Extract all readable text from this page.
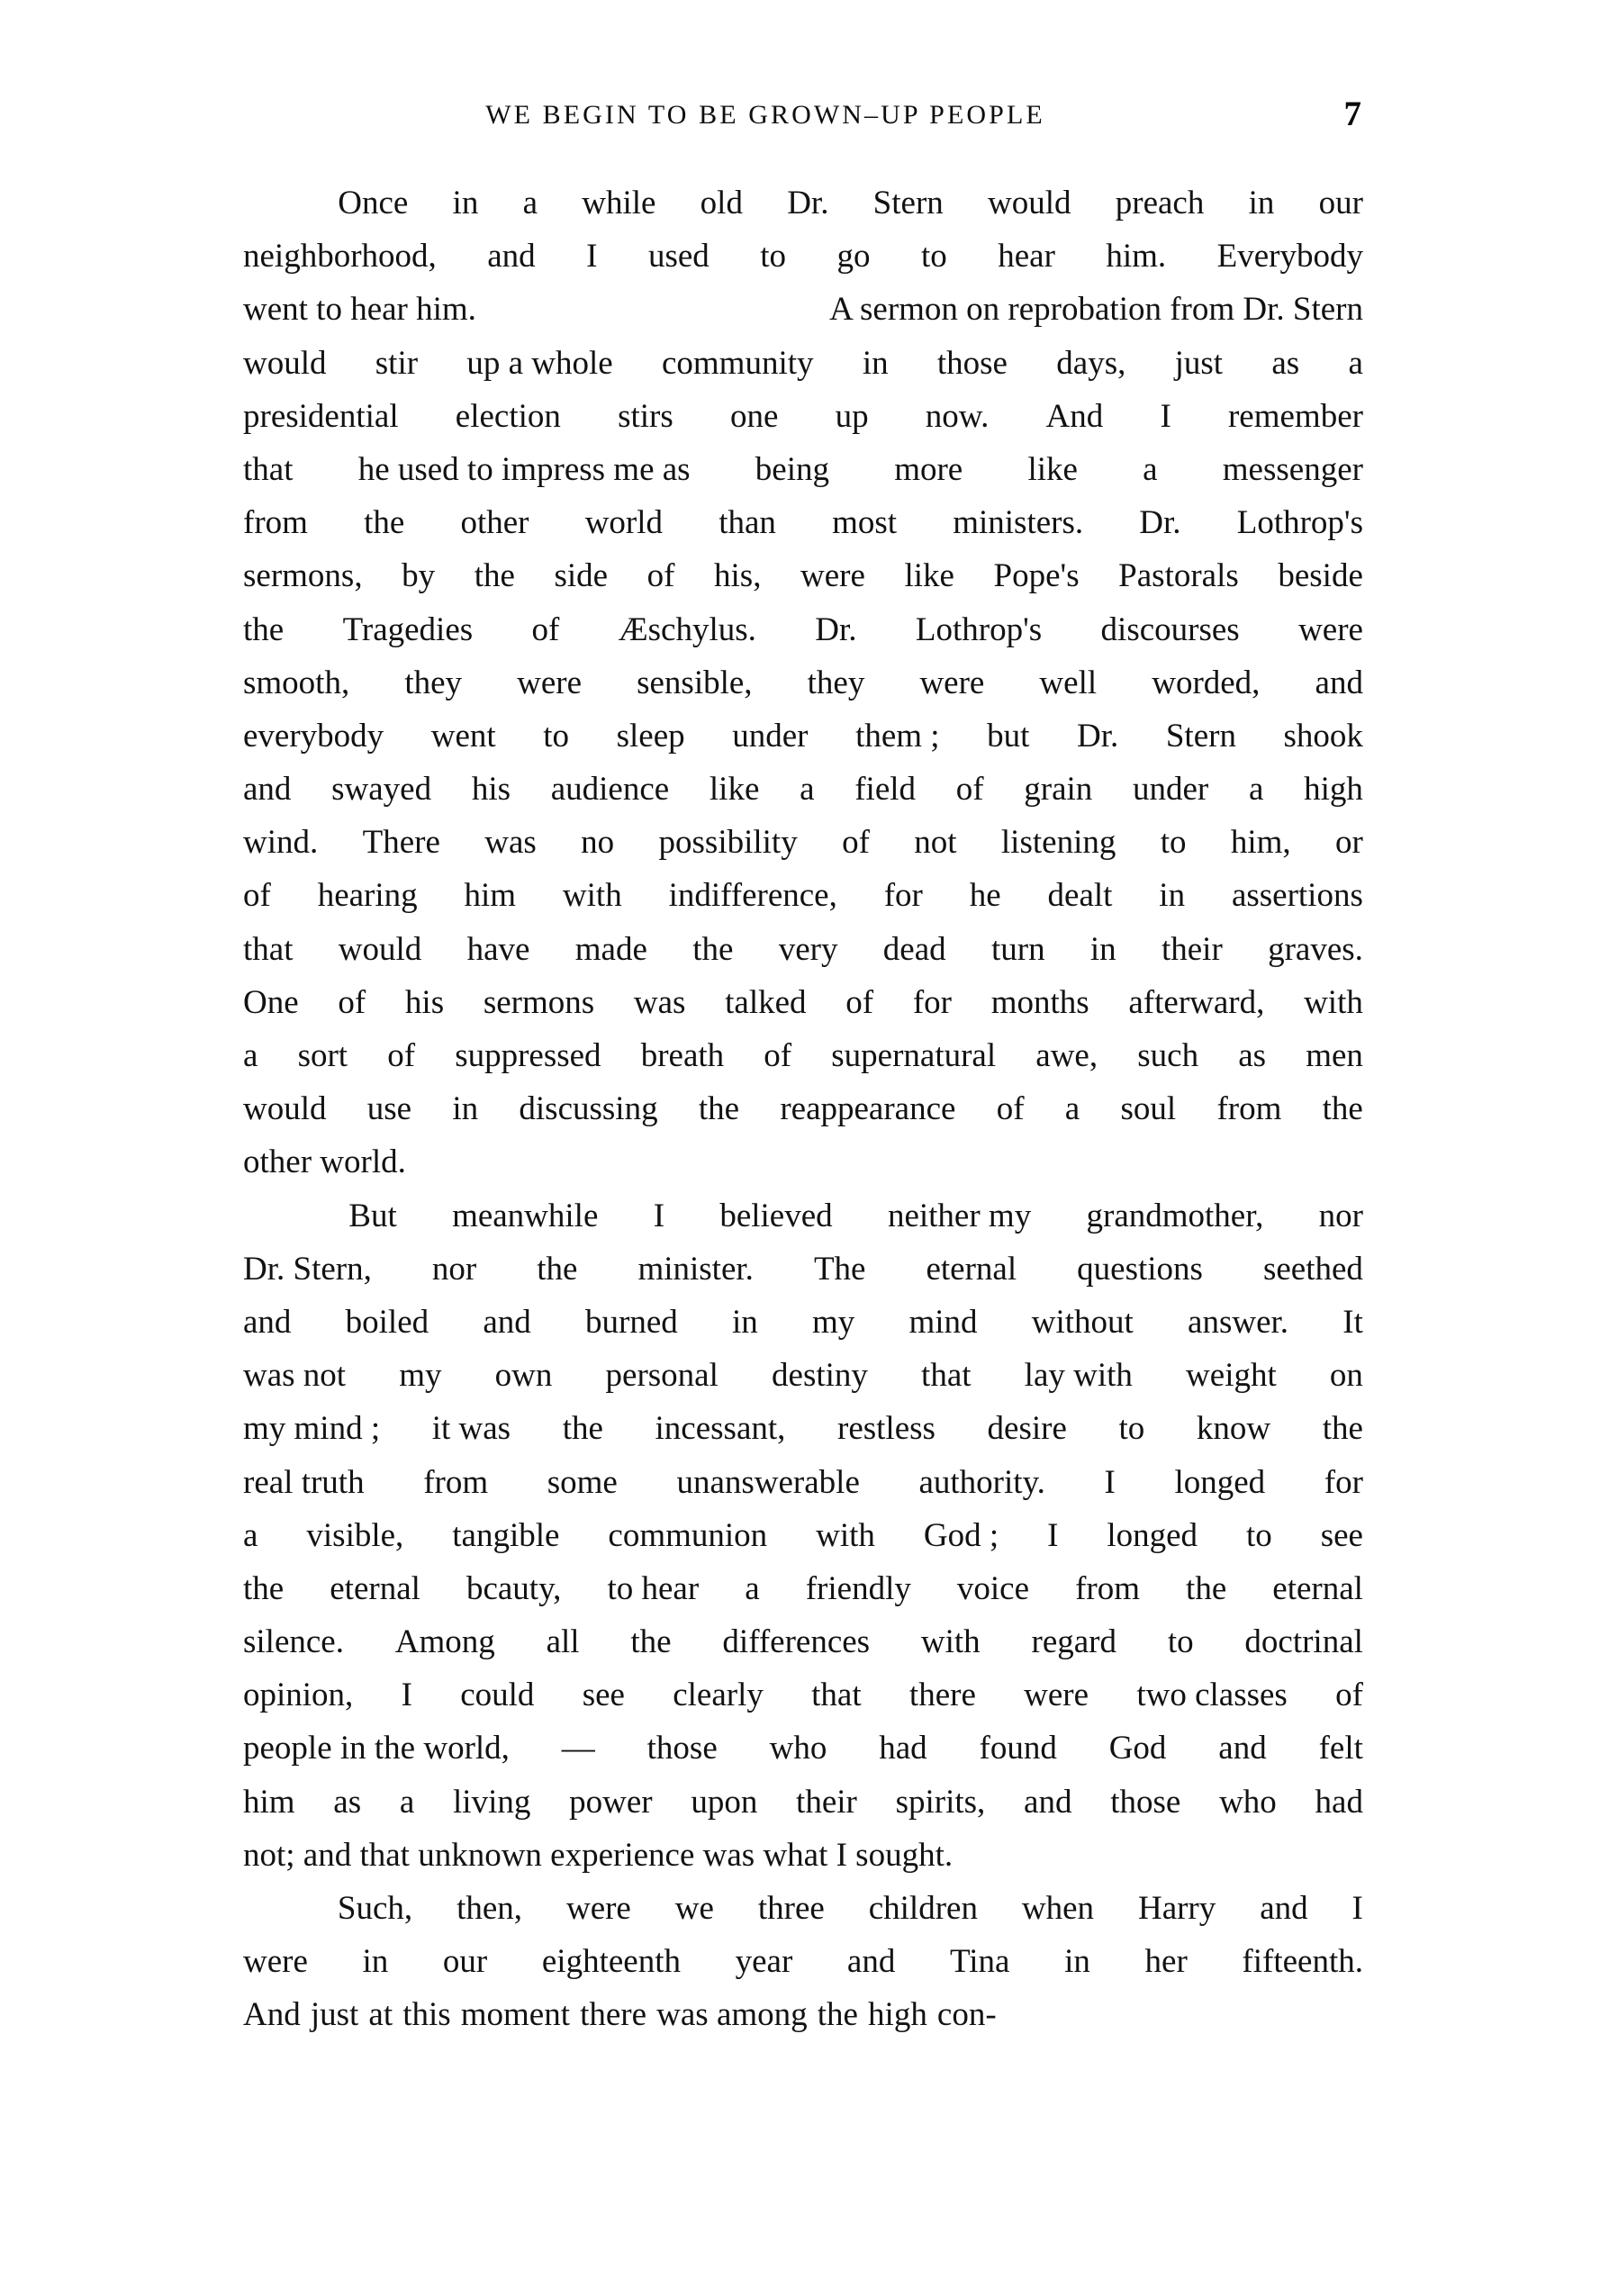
WE BEGIN TO BE GROWN–UP PEOPLE	7
Once in a while old Dr. Stern would preach in our
neighborhood, and I used to go to hear him. Everybody
went to hear him.	A sermon on reprobation from Dr. Stern
would stir up a whole community in those days, just as a
presidential election stirs one up now. And I remember
that he used to impress me as being more like a messenger
from the other world than most ministers. Dr. Lothrop's
sermons, by the side of his, were like Pope's Pastorals beside
the Tragedies of Æschylus. Dr. Lothrop's discourses were
smooth, they were sensible, they were well worded, and
everybody went to sleep under them ; but Dr. Stern shook
and swayed his audience like a field of grain under a high
wind. There was no possibility of not listening to him, or
of hearing him with indifference, for he dealt in assertions
that would have made the very dead turn in their graves.
One of his sermons was talked of for months afterward, with
a sort of suppressed breath of supernatural awe, such as men
would use in discussing the reappearance of a soul from the
other world.
But meanwhile I believed neither my grandmother, nor
Dr. Stern, nor the minister. The eternal questions seethed
and boiled and burned in my mind without answer. It
was not my own personal destiny that lay with weight on
my mind ; it was the incessant, restless desire to know the
real truth from some unanswerable authority. I longed for
a visible, tangible communion with God ; I longed to see
the eternal bcauty, to hear a friendly voice from the eternal
silence. Among all the differences with regard to doctrinal
opinion, I could see clearly that there were two classes of
people in the world, — those who had found God and felt
him as a living power upon their spirits, and those who had
not; and that unknown experience was what I sought.
Such, then, were we three children when Harry and I
were in our eighteenth year and Tina in her fifteenth.
And just at this moment there was among the high con-
